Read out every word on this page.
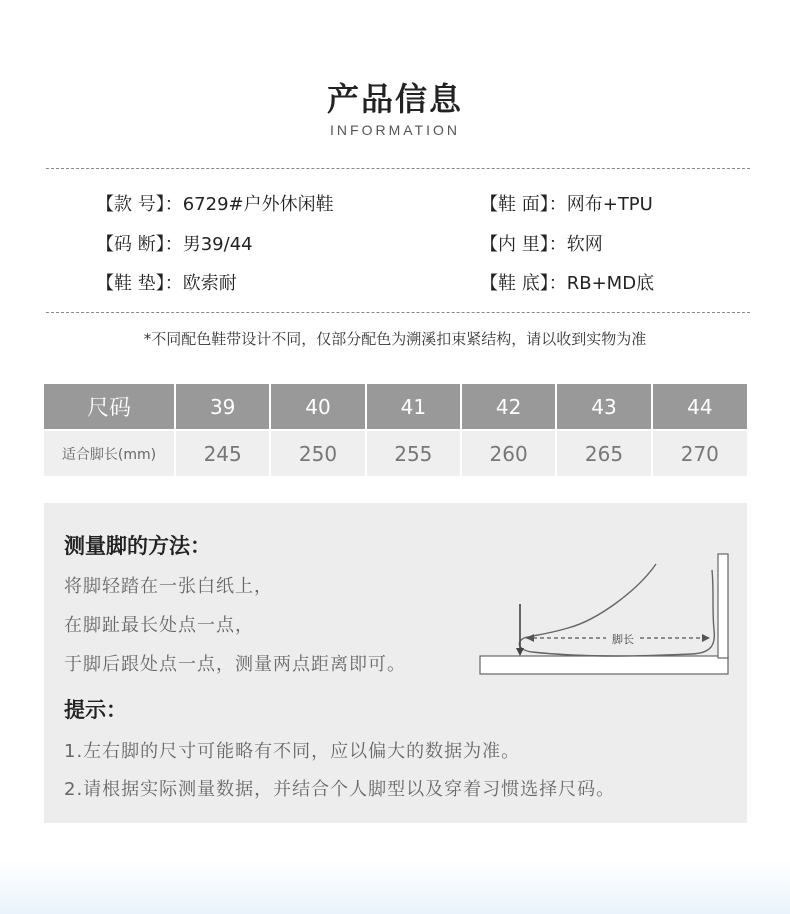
产品信息
INFORMATION
【款 号】：6729#户外休闲鞋	【鞋 面】：网布+TPU
【码 断】：男39/44	【内 里】：软网
【鞋 垫】：欧索耐	【鞋 底】：RB+MD底
*不同配色鞋带设计不同，仅部分配色为溯溪扣束紧结构，请以收到实物为准
尺码	39	40	41	42	43	44
适合脚长(mm)	245	250	255	260	265	270
测量脚的方法：
将脚轻踏在一张白纸上，
在脚趾最长处点一点，
于脚后跟处点一点，测量两点距离即可。
脚长
提示：
1.左右脚的尺寸可能略有不同，应以偏大的数据为准。
2.请根据实际测量数据，并结合个人脚型以及穿着习惯选择尺码。
